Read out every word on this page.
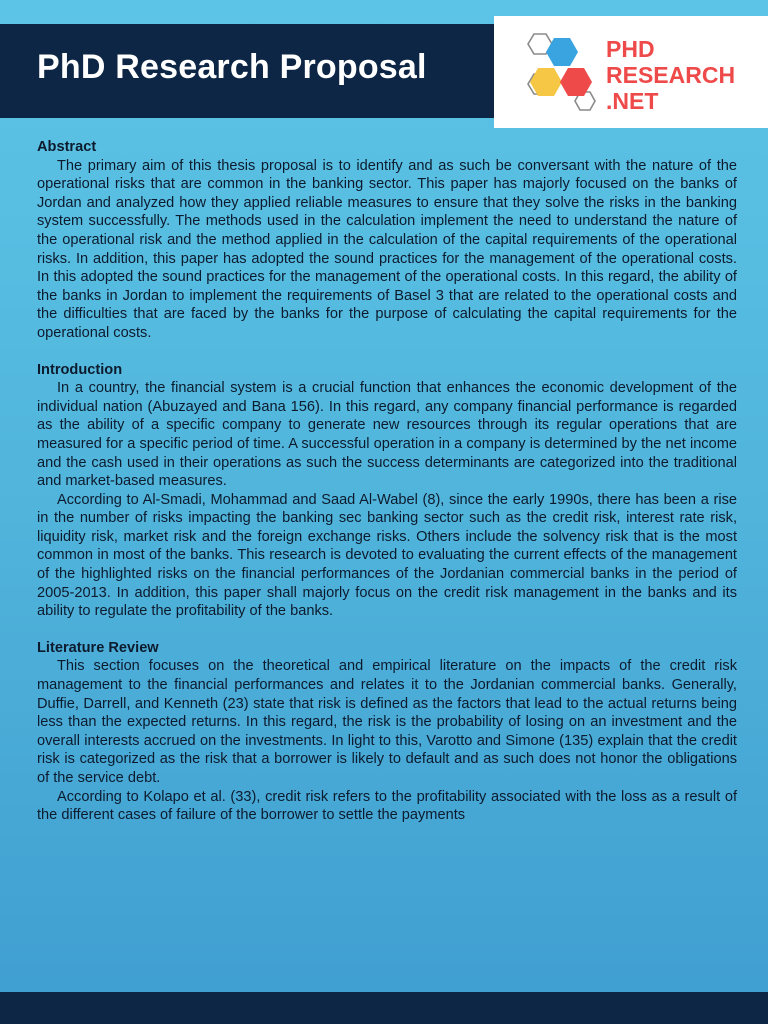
PhD Research Proposal	PHD
RESEARCH
.NET

Abstract

The primary aim of this thesis proposal is to identify and as such be conversant with the nature of the operational risks that are common in the banking sector. This paper has majorly focused on the banks of Jordan and analyzed how they applied reliable measures to ensure that they solve the risks in the banking system successfully. The methods used in the calculation implement the need to understand the nature of the operational risk and the method applied in the calculation of the capital requirements of the operational risks. In addition, this paper has adopted the sound practices for the management of the operational costs. In this adopted the sound practices for the management of the operational costs. In this regard, the ability of the banks in Jordan to implement the requirements of Basel 3 that are related to the operational costs and the difficulties that are faced by the banks for the purpose of calculating the capital requirements for the operational costs.

Introduction

In a country, the financial system is a crucial function that enhances the economic development of the individual nation (Abuzayed and Bana 156). In this regard, any company financial performance is regarded as the ability of a specific company to generate new resources through its regular operations that are measured for a specific period of time. A successful operation in a company is determined by the net income and the cash used in their operations as such the success determinants are categorized into the traditional and market-based measures.

According to Al-Smadi, Mohammad and Saad Al-Wabel (8), since the early 1990s, there has been a rise in the number of risks impacting the banking sec banking sector such as the credit risk, interest rate risk, liquidity risk, market risk and the foreign exchange risks. Others include the solvency risk that is the most common in most of the banks. This research is devoted to evaluating the current effects of the management of the highlighted risks on the financial performances of the Jordanian commercial banks in the period of 2005-2013. In addition, this paper shall majorly focus on the credit risk management in the banks and its ability to regulate the profitability of the banks.

Literature Review

This section focuses on the theoretical and empirical literature on the impacts of the credit risk management to the financial performances and relates it to the Jordanian commercial banks. Generally, Duffie, Darrell, and Kenneth (23) state that risk is defined as the factors that lead to the actual returns being less than the expected returns. In this regard, the risk is the probability of losing on an investment and the overall interests accrued on the investments. In light to this, Varotto and Simone (135) explain that the credit risk is categorized as the risk that a borrower is likely to default and as such does not honor the obligations of the service debt.

According to Kolapo et al. (33), credit risk refers to the profitability associated with the loss as a result of the different cases of failure of the borrower to settle the payments
